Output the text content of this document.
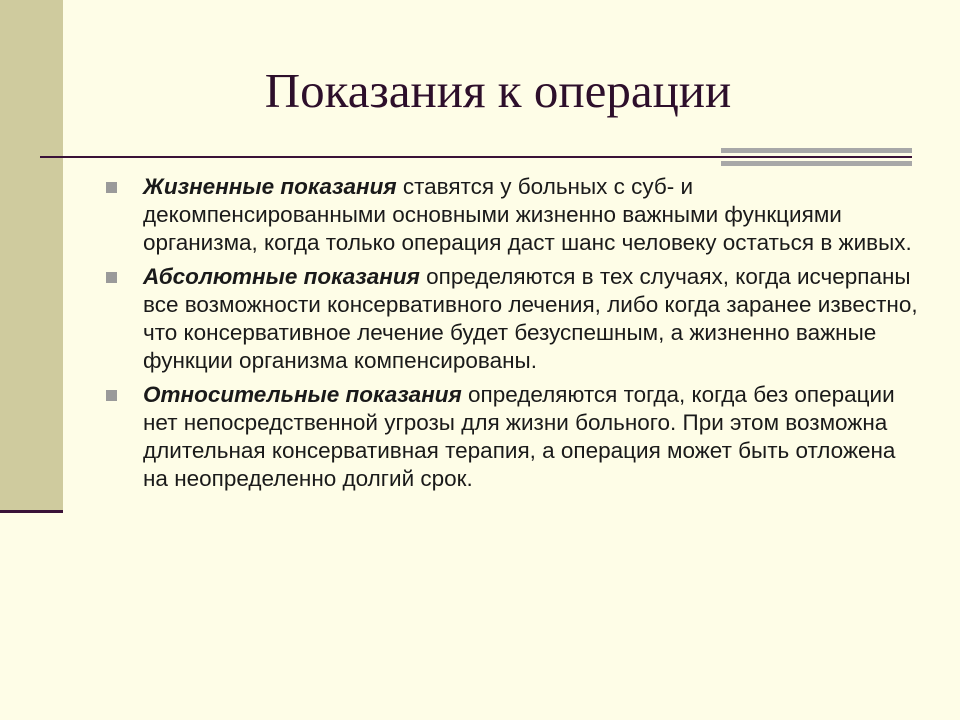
Показания к операции
Жизненные показания ставятся у больных с суб- и декомпенсированными основными жизненно важными функциями организма, когда только операция даст шанс человеку остаться в живых.
Абсолютные показания определяются в тех случаях, когда исчерпаны все возможности консервативного лечения, либо когда заранее известно, что консервативное лечение будет безуспешным, а жизненно важные функции организма компенсированы.
Относительные показания определяются тогда, когда без операции нет непосредственной угрозы для жизни больного. При этом возможна длительная консервативная терапия, а операция может быть отложена на неопределенно долгий срок.
